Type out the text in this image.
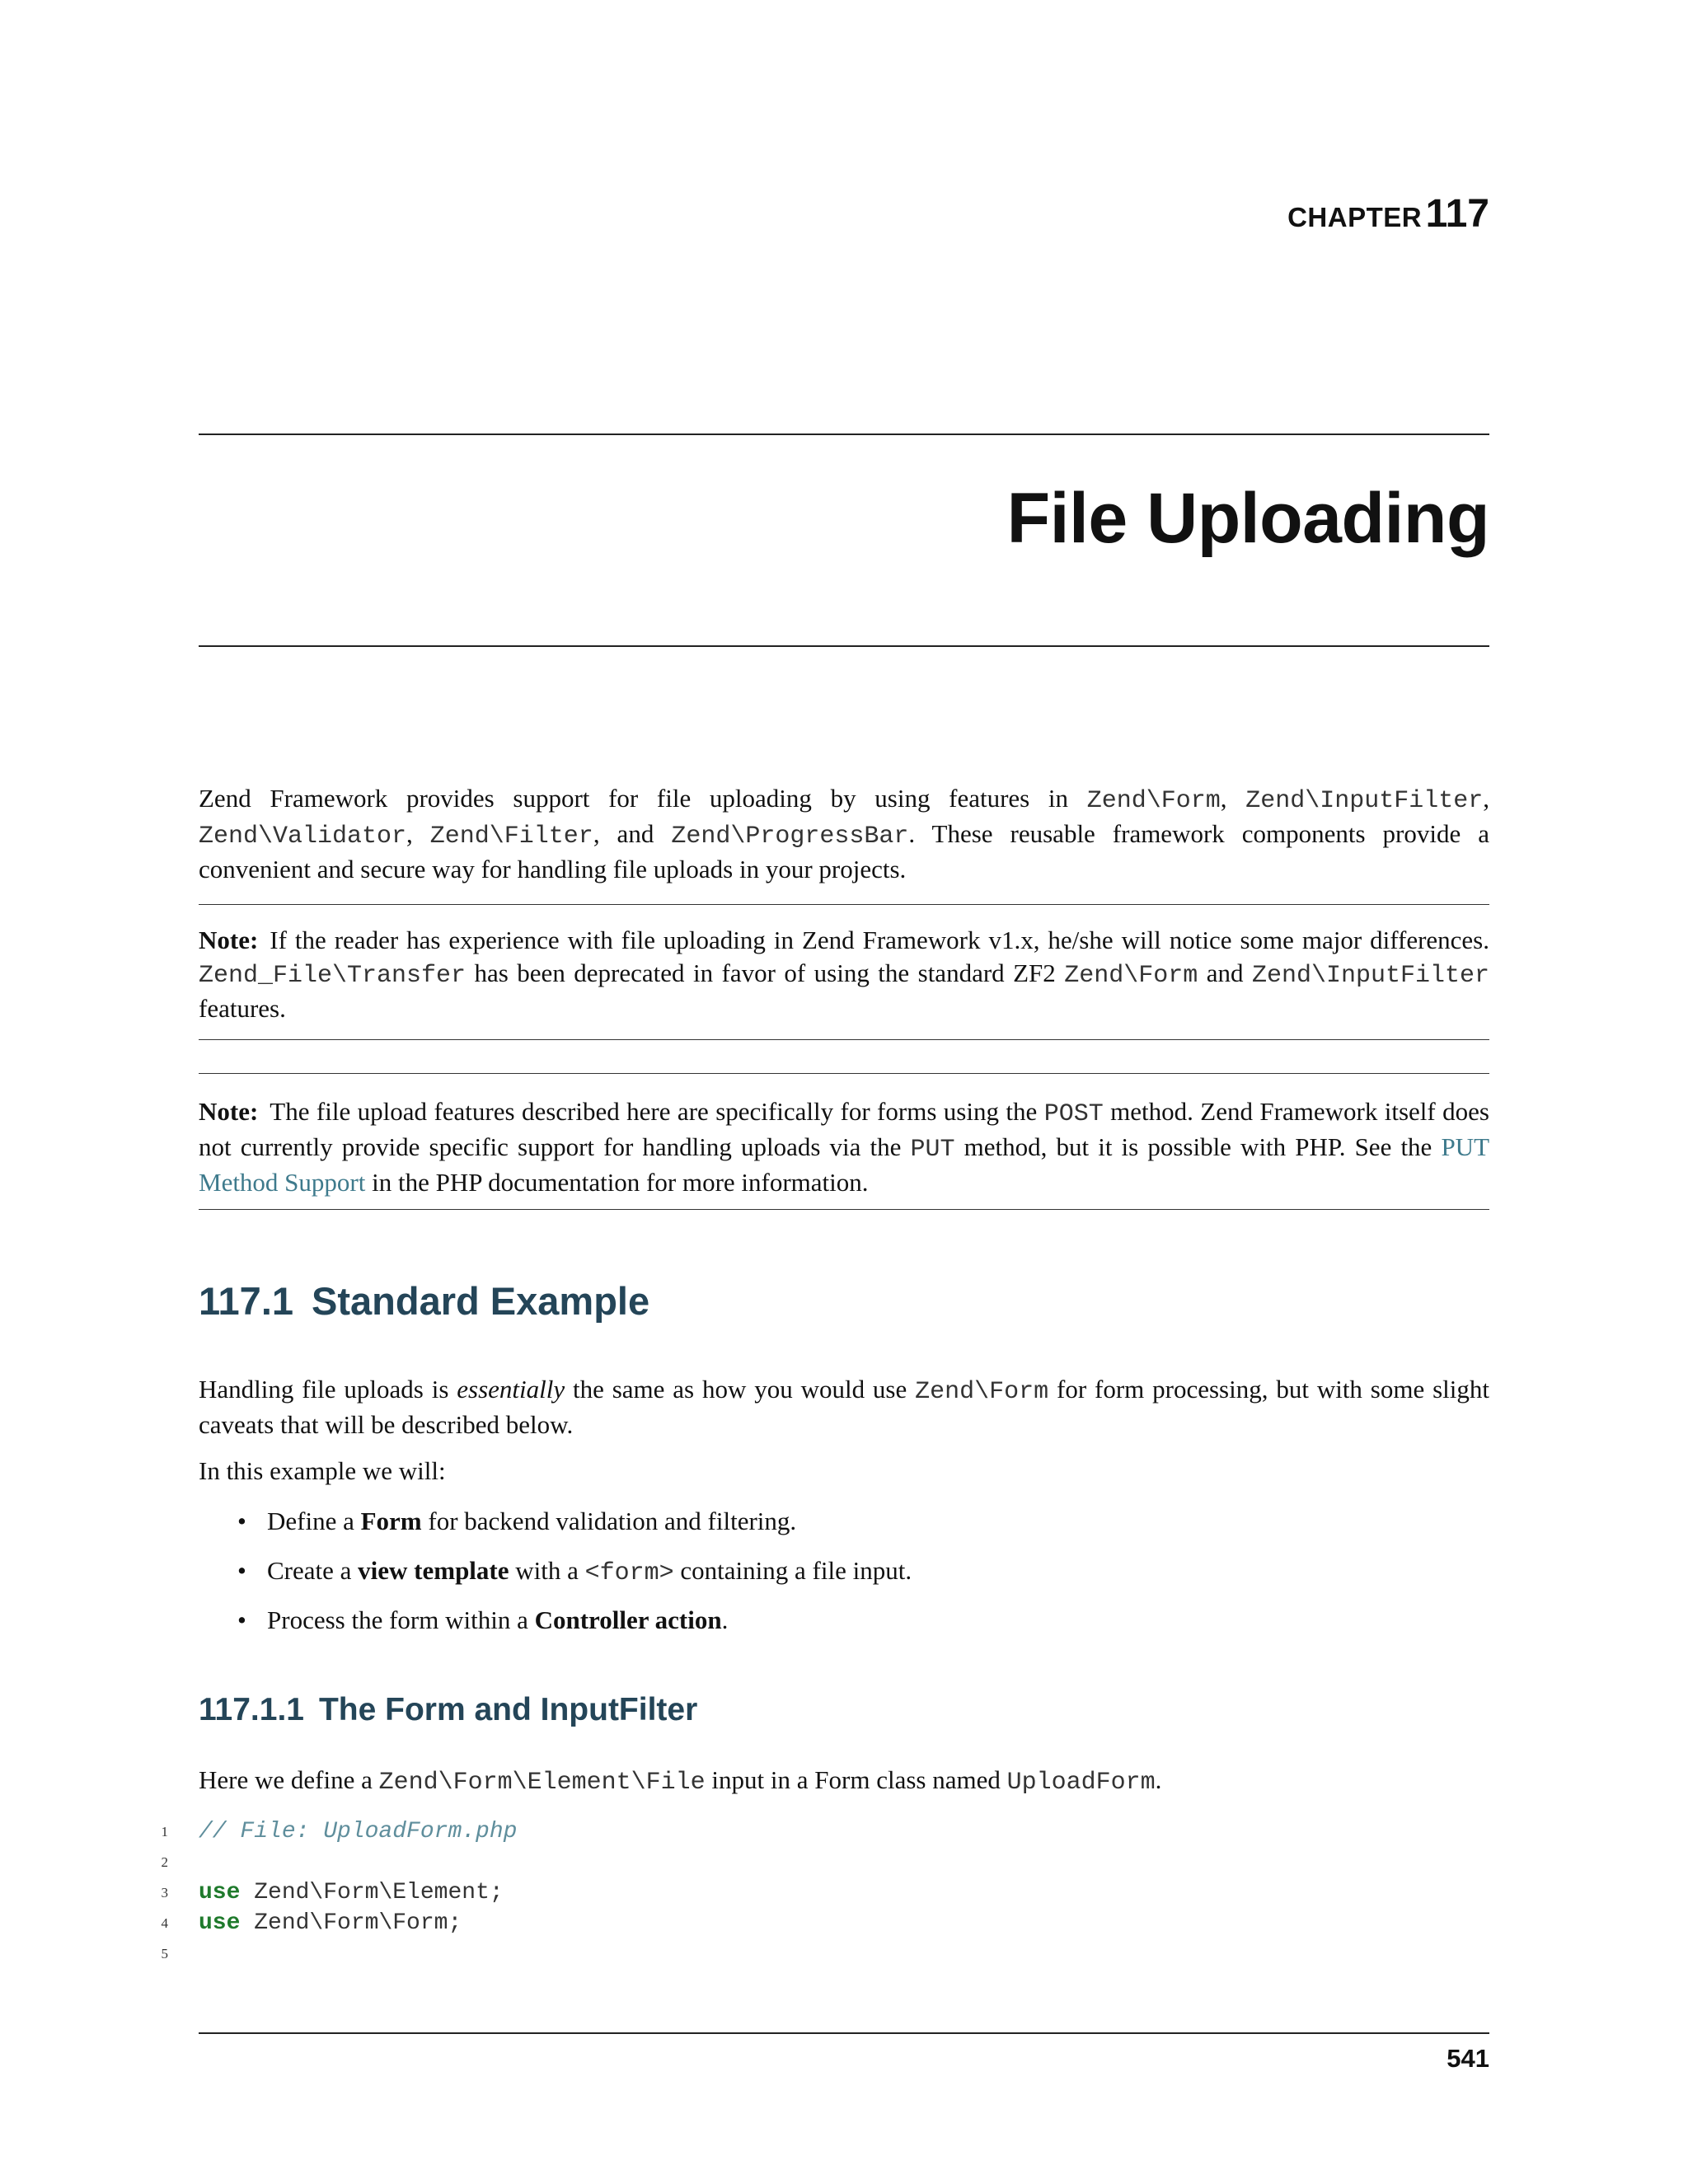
CHAPTER 117
File Uploading

Zend Framework provides support for file uploading by using features in Zend\Form, Zend\InputFilter, Zend\Validator, Zend\Filter, and Zend\ProgressBar. These reusable framework components provide a convenient and secure way for handling file uploads in your projects.

Note: If the reader has experience with file uploading in Zend Framework v1.x, he/she will notice some major differences. Zend_File\Transfer has been deprecated in favor of using the standard ZF2 Zend\Form and Zend\InputFilter features.

Note: The file upload features described here are specifically for forms using the POST method. Zend Framework itself does not currently provide specific support for handling uploads via the PUT method, but it is possible with PHP. See the PUT Method Support in the PHP documentation for more information.

117.1 Standard Example

Handling file uploads is essentially the same as how you would use Zend\Form for form processing, but with some slight caveats that will be described below.

In this example we will:

• Define a Form for backend validation and filtering.
• Create a view template with a <form> containing a file input.
• Process the form within a Controller action.
117.1.1 The Form and InputFilter

Here we define a Zend\Form\Element\File input in a Form class named UploadForm.

1 // File: UploadForm.php
2
3 use Zend\Form\Element;
4 use Zend\Form\Form;
5
541
